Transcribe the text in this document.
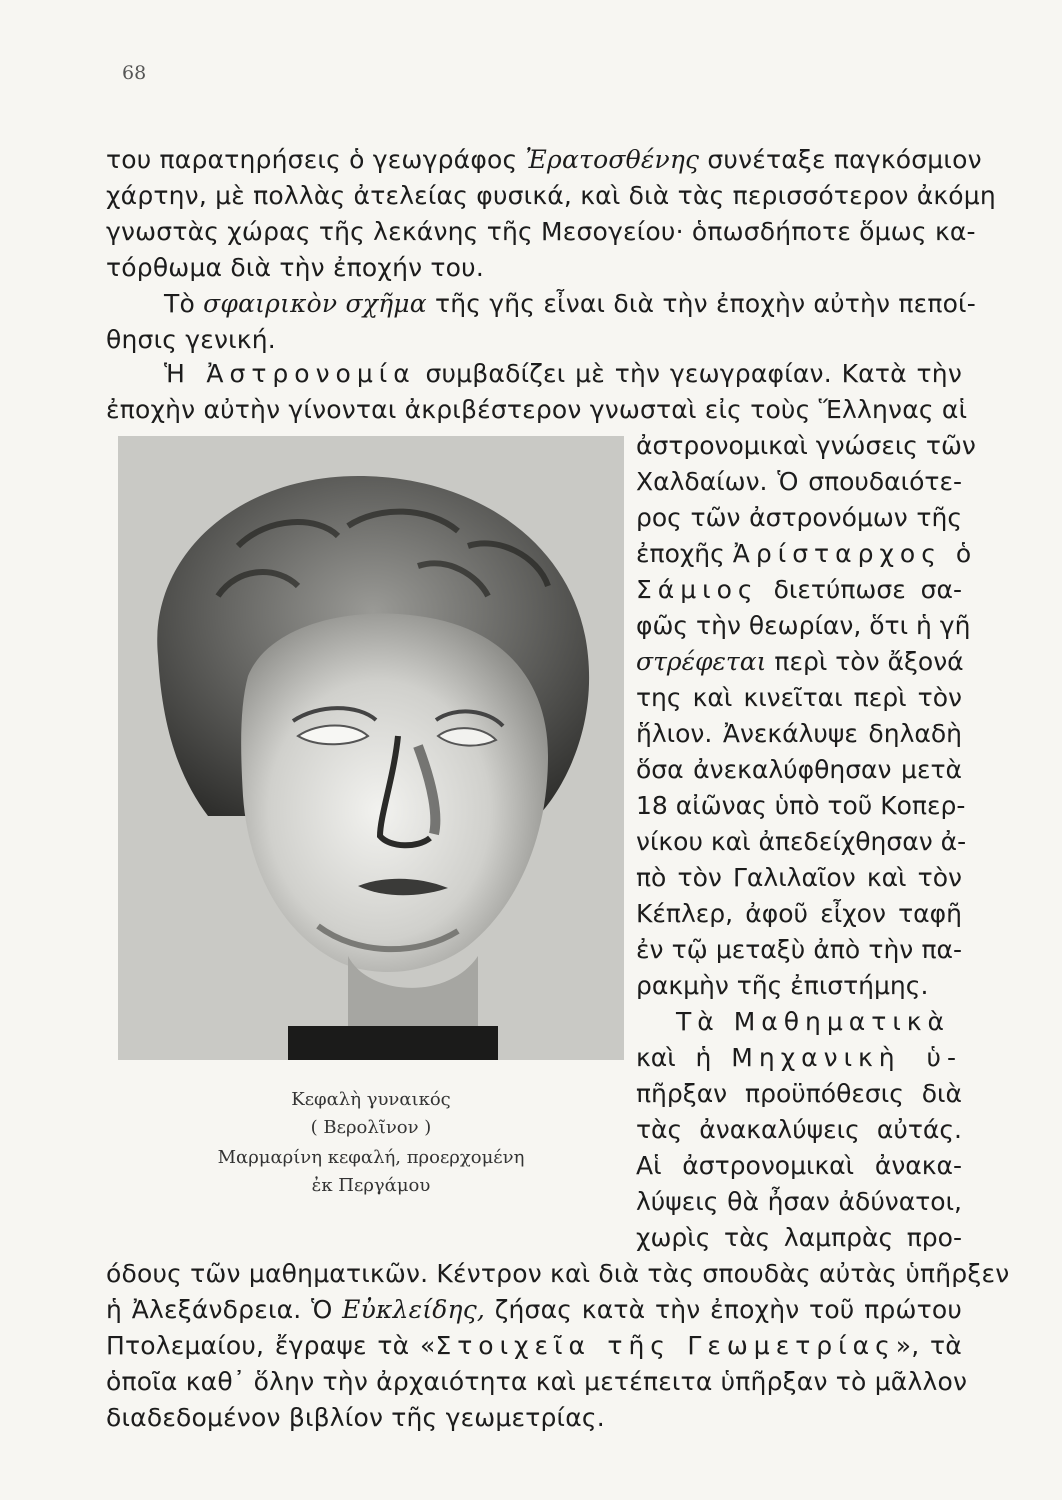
68
του παρατηρήσεις ὁ γεωγράφος Ἐρατοσθένης συνέταξε παγκόσμιον
χάρτην, μὲ πολλὰς ἀτελείας φυσικά, καὶ διὰ τὰς περισσότερον ἀκόμη
γνωστὰς χώρας τῆς λεκάνης τῆς Μεσογείου· ὁπωσδήποτε ὅμως κα-
τόρθωμα διὰ τὴν ἐποχήν του.
Τὸ σφαιρικὸν σχῆμα τῆς γῆς εἶναι διὰ τὴν ἐποχὴν αὐτὴν πεποί-
θησις γενική.
Ἡ Ἀστρονομία συμβαδίζει μὲ τὴν γεωγραφίαν. Κατὰ τὴν
ἐποχὴν αὐτὴν γίνονται ἀκριβέστερον γνωσταὶ εἰς τοὺς Ἕλληνας αἱ
Κεφαλὴ γυναικός
( Βερολῖνον )
Μαρμαρίνη κεφαλή, προερχομένη
ἐκ Περγάμου
ἀστρονομικαὶ γνώσεις τῶν
Χαλδαίων. Ὁ σπουδαιότε-
ρος τῶν ἀστρονόμων τῆς
ἐποχῆς Ἀρίσταρχος ὁ
Σάμιος διετύπωσε σα-
φῶς τὴν θεωρίαν, ὅτι ἡ γῆ
στρέφεται περὶ τὸν ἄξονά
της καὶ κινεῖται περὶ τὸν
ἥλιον. Ἀνεκάλυψε δηλαδὴ
ὅσα ἀνεκαλύφθησαν μετὰ
18 αἰῶνας ὑπὸ τοῦ Κοπερ-
νίκου καὶ ἀπεδείχθησαν ἀ-
πὸ τὸν Γαλιλαῖον καὶ τὸν
Κέπλερ, ἀφοῦ εἶχον ταφῆ
ἐν τῷ μεταξὺ ἀπὸ τὴν πα-
ρακμὴν τῆς ἐπιστήμης.
Τὰ Μαθηματικὰ
καὶ ἡ Μηχανικὴ ὑ-
πῆρξαν προϋπόθεσις διὰ
τὰς ἀνακαλύψεις αὐτάς.
Αἱ ἀστρονομικαὶ ἀνακα-
λύψεις θὰ ἦσαν ἀδύνατοι,
χωρὶς τὰς λαμπρὰς προ-
όδους τῶν μαθηματικῶν. Κέντρον καὶ διὰ τὰς σπουδὰς αὐτὰς ὑπῆρξεν
ἡ Ἀλεξάνδρεια. Ὁ Εὐκλείδης, ζήσας κατὰ τὴν ἐποχὴν τοῦ πρώτου
Πτολεμαίου, ἔγραψε τὰ «Στοιχεῖα τῆς Γεωμετρίας», τὰ
ὁποῖα καθ᾽ ὅλην τὴν ἀρχαιότητα καὶ μετέπειτα ὑπῆρξαν τὸ μᾶλλον
διαδεδομένον βιβλίον τῆς γεωμετρίας.
